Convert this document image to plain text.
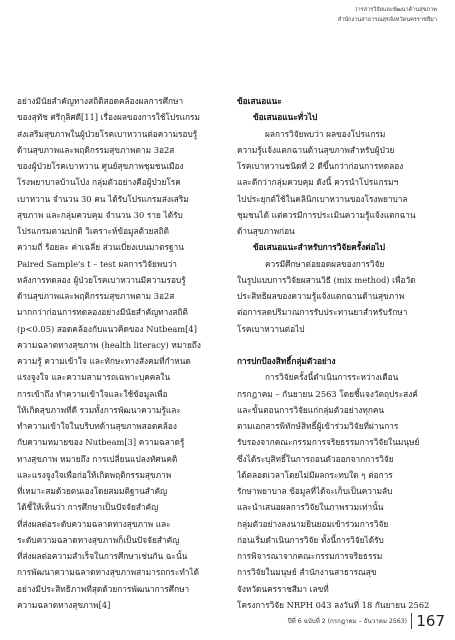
วารสารวิจัยและพัฒนาด้านสุขภาพ
สำนักงานสาธารณสุขจังหวัดนครราชสีมา
อย่างมีนัยสำคัญทางสถิติสอดคล้องผลการศึกษา
ของสุทัช ศรีกุลิศดี[11] เรื่องผลของการใช้โปรแกรม
ส่งเสริมสุขภาพในผู้ป่วยโรคเบาหวานต่อความรอบรู้
ด้านสุขภาพและพฤติกรรมสุขภาพตาม 3อ2ส
ของผู้ป่วยโรคเบาหวาน ศูนย์สุขภาพชุมชนเมือง
โรงพยาบาลบ้านโป่ง กลุ่มตัวอย่างคือผู้ป่วยโรค
เบาหวาน จำนวน 30 คน ได้รับโปรแกรมส่งเสริม
สุขภาพ และกลุ่มควบคุม จำนวน 30 ราย ได้รับ
โปรแกรมตามปกติ วิเคราะห์ข้อมูลด้วยสถิติ
ความถี่ ร้อยละ ค่าเฉลี่ย ส่วนเบี่ยงเบนมาตรฐาน
Paired Sample's t – test ผลการวิจัยพบว่า
หลังการทดลอง ผู้ป่วยโรคเบาหวานมีความรอบรู้
ด้านสุขภาพและพฤติกรรมสุขภาพตาม 3อ2ส
มากกว่าก่อนการทดลองอย่างมีนัยสำคัญทางสถิติ
(p<0.05) สอดคล้องกับแนวคิดของ Nutbeam[4]
ความฉลาดทางสุขภาพ (health literacy) หมายถึง
ความรู้ ความเข้าใจ และทักษะทางสังคมที่กำหนด
แรงจูงใจ และความสามารถเฉพาะบุคคลใน
การเข้าถึง ทำความเข้าใจและใช้ข้อมูลเพื่อ
ให้เกิดสุขภาพที่ดี รวมทั้งการพัฒนาความรู้และ
ทำความเข้าใจในบริบทด้านสุขภาพสอดคล้อง
กับความหมายของ Nutbeam[3] ความฉลาดรู้
ทางสุขภาพ หมายถึง การเปลี่ยนแปลงทัศนคติ
และแรงจูงใจเพื่อก่อให้เกิดพฤติกรรมสุขภาพ
ที่เหมาะสมด้วยตนเองโดยสมมติฐานสำคัญ
ได้ชี้ให้เห็นว่า การศึกษาเป็นปัจจัยสำคัญ
ที่ส่งผลต่อระดับความฉลาดทางสุขภาพ และ
ระดับความฉลาดทางสุขภาพก็เป็นปัจจัยสำคัญ
ที่ส่งผลต่อความสำเร็จในการศึกษาเช่นกัน ฉะนั้น
การพัฒนาความฉลาดทางสุขภาพสามารถกระทำได้
อย่างมีประสิทธิภาพที่สุดด้วยการพัฒนาการศึกษา
ความฉลาดทางสุขภาพ[4]
ข้อเสนอแนะ
ข้อเสนอแนะทั่วไป
ผลการวิจัยพบว่า ผลของโปรแกรม
ความรู้แจ้งแตกฉานด้านสุขภาพสำหรับผู้ป่วย
โรคเบาหวานชนิดที่ 2 ดีขึ้นกว่าก่อนการทดลอง
และดีกว่ากลุ่มควบคุม ดังนี้ ควรนำโปรแกรมฯ
ไปประยุกต์ใช้ในคลินิกเบาหวานของโรงพยาบาล
ชุมชนได้ แต่ควรมีการประเมินความรู้แจ้งแตกฉาน
ด้านสุขภาพก่อน
ข้อเสนอแนะสำหรับการวิจัยครั้งต่อไป
ควรมีศึกษาต่อยอดผลของการวิจัย
ในรูปแบบการวิจัยผสานวิธี (mix method) เพื่อวัด
ประสิทธิผลของความรู้แจ้งแตกฉานด้านสุขภาพ
ต่อการลดปริมาณการรับประทานยาสำหรับรักษา
โรคเบาหวานต่อไป
การปกป้องสิทธิ์กลุ่มตัวอย่าง
การวิจัยครั้งนี้ดำเนินการระหว่างเดือน
กรกฎาคม – กันยายน 2563 โดยชี้แจงวัตถุประสงค์
และขั้นตอนการวิจัยแก่กลุ่มตัวอย่างทุกคน
ตามเอกสารพิทักษ์สิทธิ์ผู้เข้าร่วมวิจัยที่ผ่านการ
รับรองจากคณะกรรมการจริยธรรมการวิจัยในมนุษย์
ซึ่งได้ระบุสิทธิ์ในการถอนตัวออกจากการวิจัย
ได้ตลอดเวลาโดยไม่มีผลกระทบใด ๆ ต่อการ
รักษาพยาบาล ข้อมูลที่ได้จะเก็บเป็นความลับ
และนำเสนอผลการวิจัยในภาพรวมเท่านั้น
กลุ่มตัวอย่างลงนามยินยอมเข้าร่วมการวิจัย
ก่อนเริ่มดำเนินการวิจัย ทั้งนี้การวิจัยได้รับ
การพิจารณาจากคณะกรรมการจริยธรรม
การวิจัยในมนุษย์ สำนักงานสาธารณสุข
จังหวัดนครราชสีมา เลขที่
โครงการวิจัย NRPH 043 ลงวันที่ 18 กันยายน 2562
ปีที่ 6 ฉบับที่ 2 (กรกฎาคม – ธันวาคม 2563) 167
